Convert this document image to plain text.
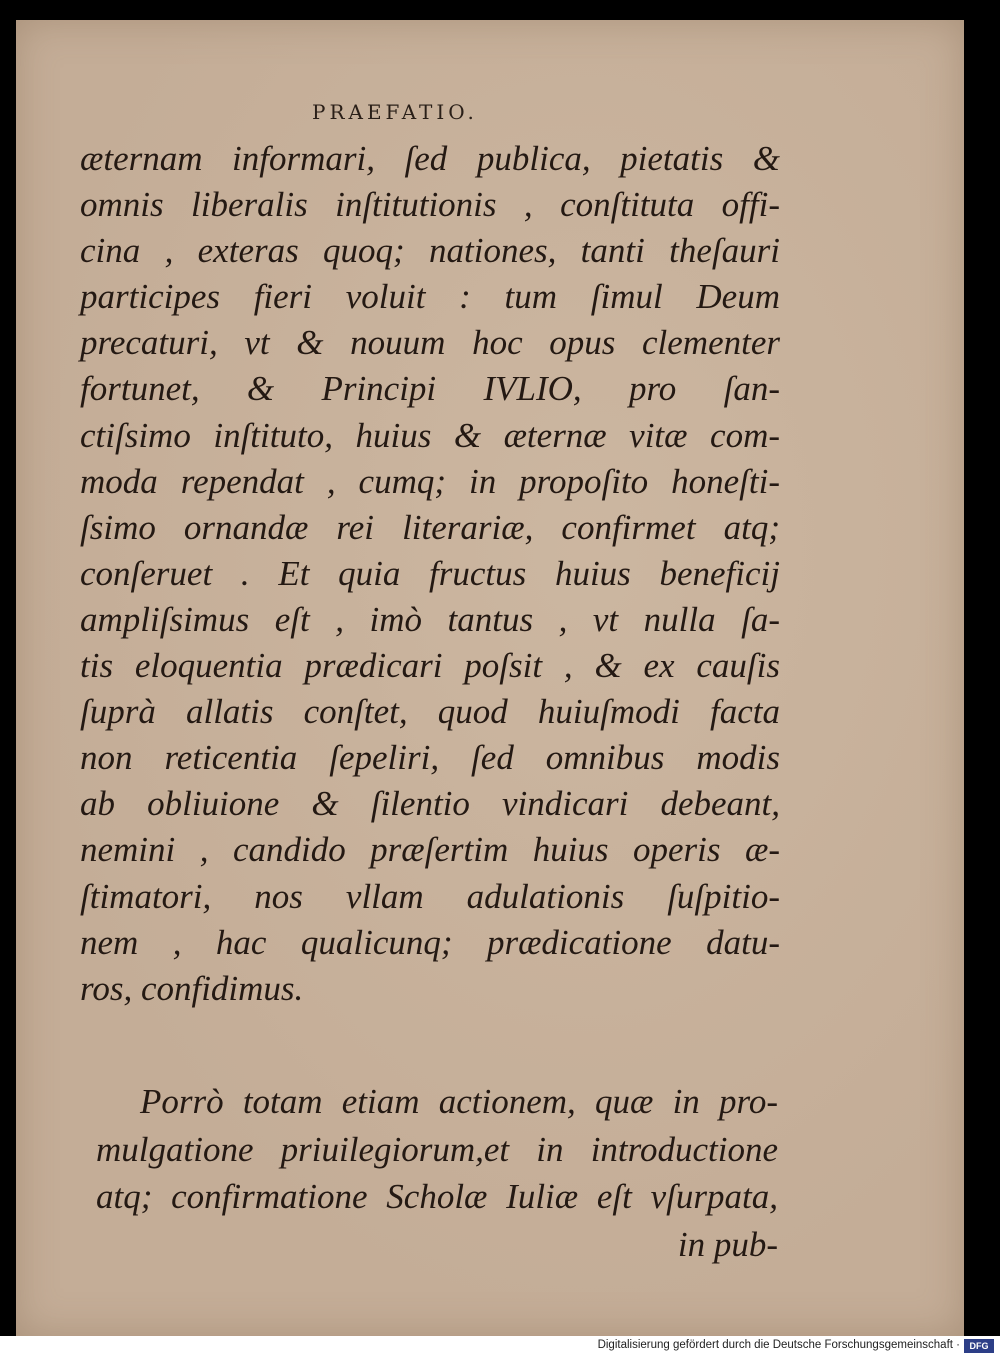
PRAEFATIO.
æternam informari, ſed publica, pietatis &
omnis liberalis inſtitutionis , conſtituta offi-
cina , exteras quoq; nationes, tanti theſauri
participes fieri voluit : tum ſimul Deum
precaturi, vt & nouum hoc opus clementer
fortunet, & Principi IVLIO, pro ſan-
ctiſsimo inſtituto, huius & æternæ vitæ com-
moda rependat , cumq; in propoſito honeſti-
ſsimo ornandæ rei literariæ, confirmet atq;
conſeruet . Et quia fructus huius beneficij
ampliſsimus eſt , imò tantus , vt nulla ſa-
tis eloquentia prædicari poſsit , & ex cauſis
ſuprà allatis conſtet, quod huiuſmodi facta
non reticentia ſepeliri, ſed omnibus modis
ab obliuione & ſilentio vindicari debeant,
nemini , candido præſertim huius operis æ-
ſtimatori, nos vllam adulationis ſuſpitio-
nem , hac qualicunq; prædicatione datu-
ros, confidimus.
Porrò totam etiam actionem, quæ in pro-
mulgatione priuilegiorum,et in introductione
atq; confirmatione Scholæ Iuliæ eſt vſurpata,
in pub-
Digitalisierung gefördert durch die Deutsche Forschungsgemeinschaft ·	DFG
